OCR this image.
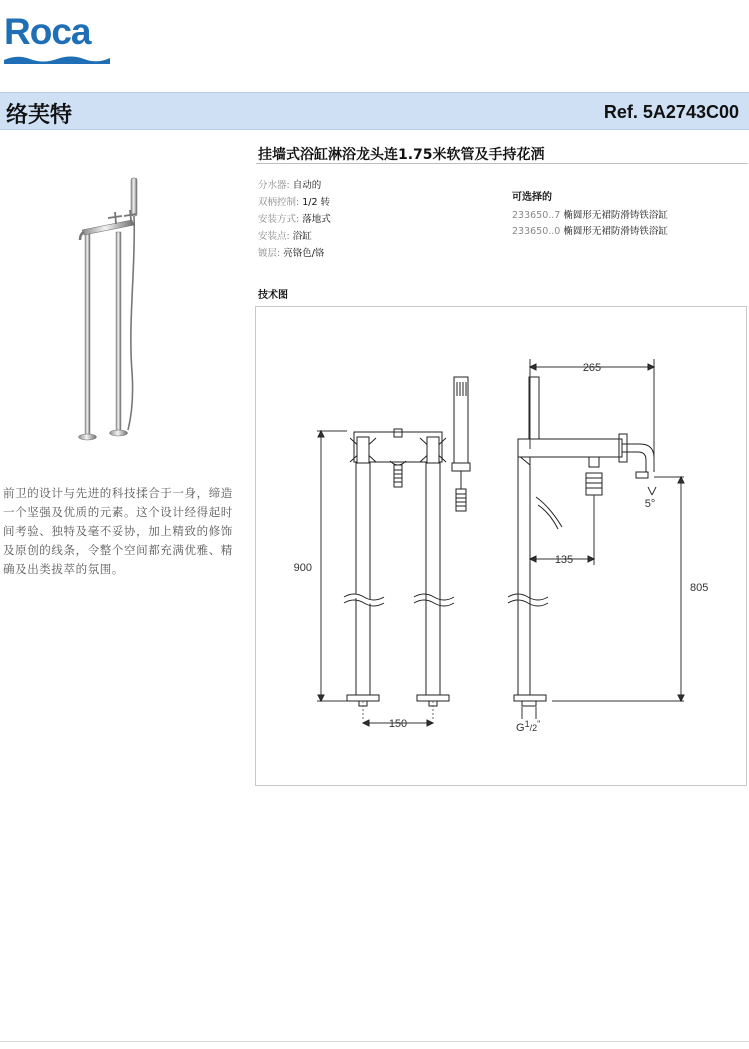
Roca
络芙特	Ref. 5A2743C00
前卫的设计与先进的科技揉合于一身，缔造一个坚强及优质的元素。这个设计经得起时间考验、独特及毫不妥协，加上精致的修饰及原创的线条，令整个空间都充满优雅、精确及出类拔萃的氛围。
挂墙式浴缸淋浴龙头连1.75米软管及手持花洒
分水器: 自动的
双柄控制: 1/2 转
安装方式: 落地式
安装点: 浴缸
镀层: 亮铬色/铬
可选择的
233650..7 椭圆形无裙防滑铸铁浴缸
233650..0 椭圆形无裙防滑铸铁浴缸
技术图
900
150
265
135
805
5°
$G^1_{/2}^"$
